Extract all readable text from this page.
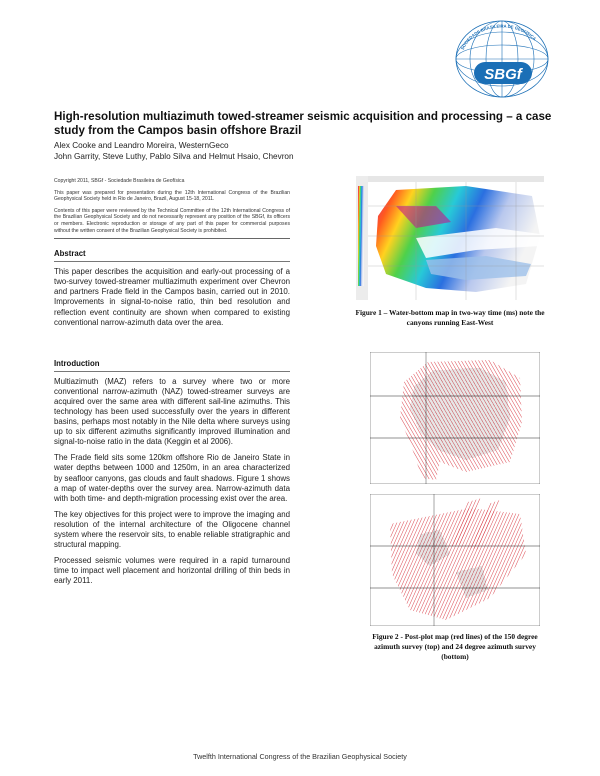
SBGf
SOCIEDADE BRASILEIRA DE GEOFÍSICA
High-resolution multiazimuth towed-streamer seismic acquisition and processing – a case study from the Campos basin offshore Brazil
Alex Cooke and Leandro Moreira, WesternGeco
John Garrity, Steve Luthy, Pablo Silva and Helmut Hsaio, Chevron
Copyright 2011, SBGf - Sociedade Brasileira de Geofísica
This paper was prepared for presentation during the 12th International Congress of the Brazilian Geophysical Society held in Rio de Janeiro, Brazil, August 15-18, 2011.
Contents of this paper were reviewed by the Technical Committee of the 12th International Congress of the Brazilian Geophysical Society and do not necessarily represent any position of the SBGf, its officers or members. Electronic reproduction or storage of any part of this paper for commercial purposes without the written consent of the Brazilian Geophysical Society is prohibited.
Abstract
This paper describes the acquisition and early-out processing of a two-survey towed-streamer multiazimuth experiment over Chevron and partners Frade field in the Campos basin, carried out in 2010. Improvements in signal-to-noise ratio, thin bed resolution and reflection event continuity are shown when compared to existing conventional narrow-azimuth data over the area.
Introduction
Multiazimuth (MAZ) refers to a survey where two or more conventional narrow-azimuth (NAZ) towed-streamer surveys are acquired over the same area with different sail-line azimuths. This technology has been used successfully over the years in different basins, perhaps most notably in the Nile delta where surveys using up to six different azimuths significantly improved illumination and signal-to-noise ratio in the data (Keggin et al 2006).
The Frade field sits some 120km offshore Rio de Janeiro State in water depths between 1000 and 1250m, in an area characterized by seafloor canyons, gas clouds and fault shadows. Figure 1 shows a map of water-depths over the survey area. Narrow-azimuth data with both time- and depth-migration processing exist over the area.
The key objectives for this project were to improve the imaging and resolution of the internal architecture of the Oligocene channel system where the reservoir sits, to enable reliable stratigraphic and structural mapping.
Processed seismic volumes were required in a rapid turnaround time to impact well placement and horizontal drilling of thin beds in early 2011.
Figure 1 – Water-bottom map in two-way time (ms) note the canyons running East-West
Figure 2 - Post-plot map (red lines) of the 150 degree azimuth survey (top) and 24 degree azimuth survey (bottom)
Twelfth International Congress of the Brazilian Geophysical Society
